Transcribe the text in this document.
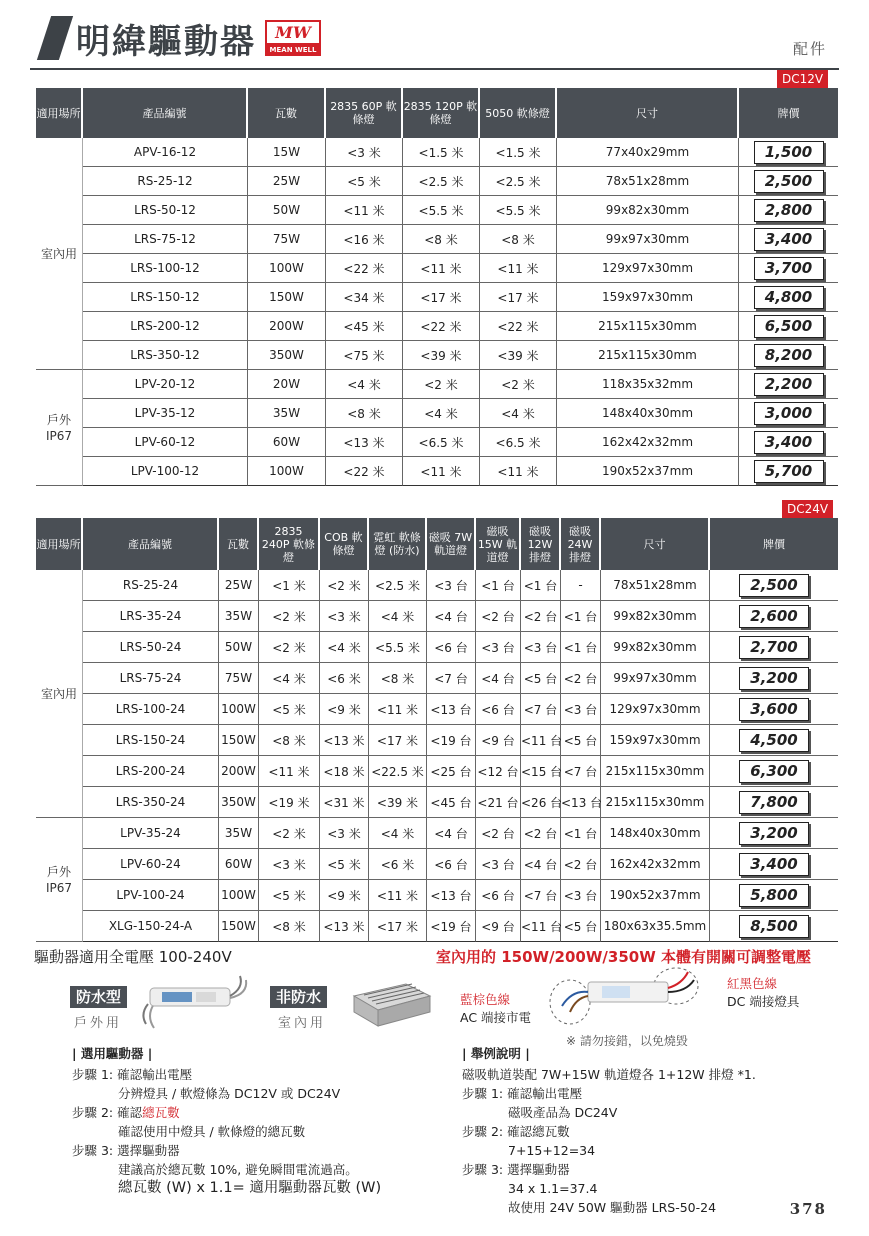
明緯驅動器	MW
MEAN WELL	配件
DC12V
適用場所	產品編號	瓦數	2835 60P 軟條燈	2835 120P 軟條燈	5050 軟條燈	尺寸	牌價
室內用	APV-16-12	15W	<3 米	<1.5 米	<1.5 米	77x40x29mm	1,500
	RS-25-12	25W	<5 米	<2.5 米	<2.5 米	78x51x28mm	2,500
	LRS-50-12	50W	<11 米	<5.5 米	<5.5 米	99x82x30mm	2,800
	LRS-75-12	75W	<16 米	<8 米	<8 米	99x97x30mm	3,400
	LRS-100-12	100W	<22 米	<11 米	<11 米	129x97x30mm	3,700
	LRS-150-12	150W	<34 米	<17 米	<17 米	159x97x30mm	4,800
	LRS-200-12	200W	<45 米	<22 米	<22 米	215x115x30mm	6,500
	LRS-350-12	350W	<75 米	<39 米	<39 米	215x115x30mm	8,200
戶外 IP67	LPV-20-12	20W	<4 米	<2 米	<2 米	118x35x32mm	2,200
	LPV-35-12	35W	<8 米	<4 米	<4 米	148x40x30mm	3,000
	LPV-60-12	60W	<13 米	<6.5 米	<6.5 米	162x42x32mm	3,400
	LPV-100-12	100W	<22 米	<11 米	<11 米	190x52x37mm	5,700
DC24V
適用場所	產品編號	瓦數	2835 240P 軟條燈	COB 軟條燈	霓虹 軟條燈 (防水)	磁吸 7W 軌道燈	磁吸 15W 軌道燈	磁吸 12W 排燈	磁吸 24W 排燈	尺寸	牌價
室內用	RS-25-24	25W	<1 米	<2 米	<2.5 米	<3 台	<1 台	<1 台	-	78x51x28mm	2,500
	LRS-35-24	35W	<2 米	<3 米	<4 米	<4 台	<2 台	<2 台	<1 台	99x82x30mm	2,600
	LRS-50-24	50W	<2 米	<4 米	<5.5 米	<6 台	<3 台	<3 台	<1 台	99x82x30mm	2,700
	LRS-75-24	75W	<4 米	<6 米	<8 米	<7 台	<4 台	<5 台	<2 台	99x97x30mm	3,200
	LRS-100-24	100W	<5 米	<9 米	<11 米	<13 台	<6 台	<7 台	<3 台	129x97x30mm	3,600
	LRS-150-24	150W	<8 米	<13 米	<17 米	<19 台	<9 台	<11 台	<5 台	159x97x30mm	4,500
	LRS-200-24	200W	<11 米	<18 米	<22.5 米	<25 台	<12 台	<15 台	<7 台	215x115x30mm	6,300
	LRS-350-24	350W	<19 米	<31 米	<39 米	<45 台	<21 台	<26 台	<13 台	215x115x30mm	7,800
戶外 IP67	LPV-35-24	35W	<2 米	<3 米	<4 米	<4 台	<2 台	<2 台	<1 台	148x40x30mm	3,200
	LPV-60-24	60W	<3 米	<5 米	<6 米	<6 台	<3 台	<4 台	<2 台	162x42x32mm	3,400
	LPV-100-24	100W	<5 米	<9 米	<11 米	<13 台	<6 台	<7 台	<3 台	190x52x37mm	5,800
	XLG-150-24-A	150W	<8 米	<13 米	<17 米	<19 台	<9 台	<11 台	<5 台	180x63x35.5mm	8,500
驅動器適用全電壓 100-240V	室內用的 150W/200W/350W 本體有開關可調整電壓
防水型
戶外用
非防水
室內用
藍棕色線
AC 端接市電
紅黑色線
DC 端接燈具
※ 請勿接錯，以免燒毀
| 選用驅動器 |
步驟 1: 確認輸出電壓
分辨燈具 / 軟燈條為 DC12V 或 DC24V
步驟 2: 確認總瓦數
確認使用中燈具 / 軟條燈的總瓦數
步驟 3: 選擇驅動器
建議高於總瓦數 10%, 避免瞬間電流過高。
總瓦數 (W) x 1.1= 適用驅動器瓦數 (W)
| 舉例說明 |
磁吸軌道裝配 7W+15W 軌道燈各 1+12W 排燈 *1.
步驟 1: 確認輸出電壓
磁吸產品為 DC24V
步驟 2: 確認總瓦數
7+15+12=34
步驟 3: 選擇驅動器
34 x 1.1=37.4
故使用 24V 50W 驅動器 LRS-50-24	378
